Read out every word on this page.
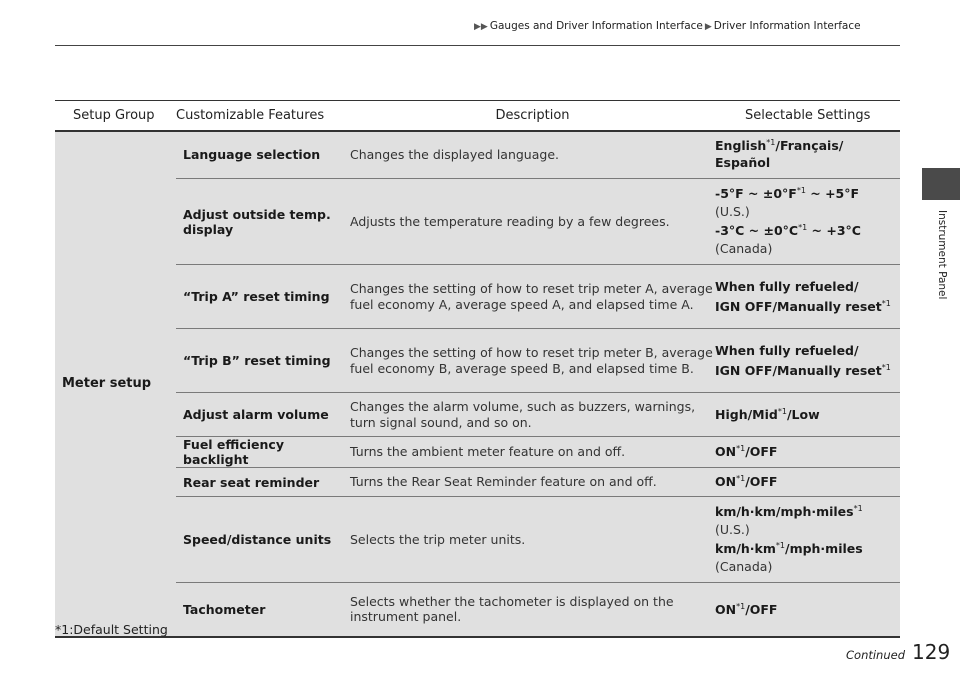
▶▶ Gauges and Driver Information Interface ▶ Driver Information Interface
Instrument Panel
Setup Group	Customizable Features	Description	Selectable Settings
Meter setup	Language selection	Changes the displayed language.	English$^{*1}$/Français/
Español

	Adjust outside temp. display	Adjusts the temperature reading by a few degrees.	-5°F ~ $\pm 0^\circ F^{*1}$ ~ +5°F
(U.S.)
-3°C ~ $\pm 0^\circ C^{*1}$ ~ +3°C
(Canada)

	“Trip A” reset timing	Changes the setting of how to reset trip meter A, average fuel economy A, average speed A, and elapsed time A.	When fully refueled/
IGN OFF/Manually reset$^{*1}$

	“Trip B” reset timing	Changes the setting of how to reset trip meter B, average fuel economy B, average speed B, and elapsed time B.	When fully refueled/
IGN OFF/Manually reset$^{*1}$

	Adjust alarm volume	Changes the alarm volume, such as buzzers, warnings, turn signal sound, and so on.	High/Mid$^{*1}$/Low

	Fuel efficiency backlight	Turns the ambient meter feature on and off.	ON$^{*1}$/OFF

	Rear seat reminder	Turns the Rear Seat Reminder feature on and off.	ON$^{*1}$/OFF

	Speed/distance units	Selects the trip meter units.	km/h·km/mph·miles$^{*1}$
(U.S.)
$km/h\cdot km^{*1}/mph\cdot miles$
(Canada)

	Tachometer	Selects whether the tachometer is displayed on the instrument panel.	ON$^{*1}$/OFF
*1:Default Setting
Continued 129
